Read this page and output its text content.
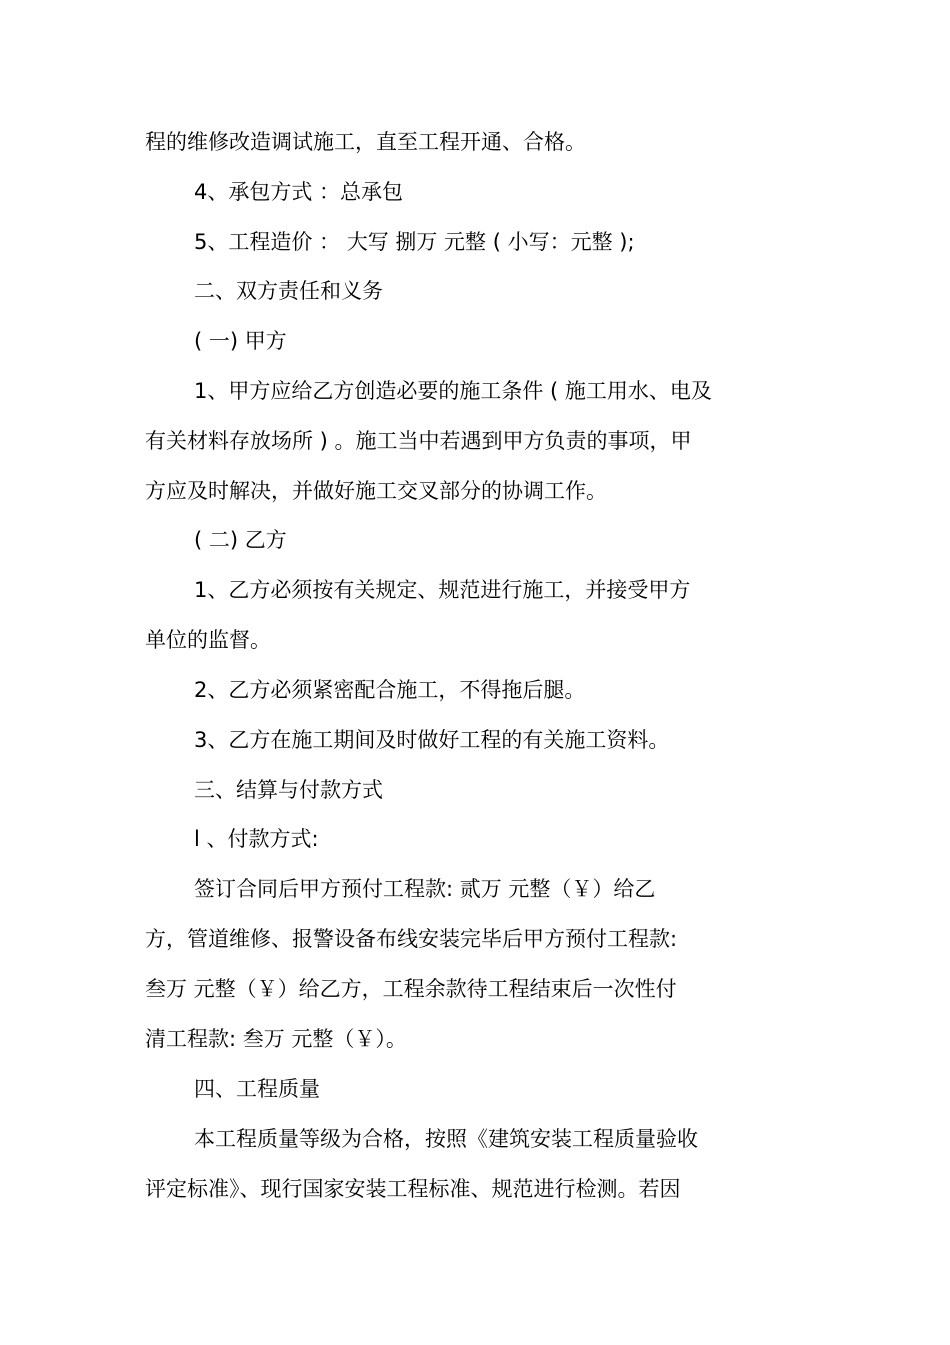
程的维修改造调试施工，直至工程开通、合格。
4、承包方式 ：总承包
5、工程造价 ： 大写 捌万 元整 ( 小写：元整 );
二、双方责任和义务
( 一) 甲方
1、甲方应给乙方创造必要的施工条件 ( 施工用水、电及
有关材料存放场所 ) 。施工当中若遇到甲方负责的事项，甲
方应及时解决，并做好施工交叉部分的协调工作。
( 二) 乙方
1、乙方必须按有关规定、规范进行施工，并接受甲方
单位的监督。
2、乙方必须紧密配合施工，不得拖后腿。
3、乙方在施工期间及时做好工程的有关施工资料。
三、结算与付款方式
l 、付款方式:
签订合同后甲方预付工程款: 贰万 元整（￥）给乙
方，管道维修、报警设备布线安装完毕后甲方预付工程款:
叁万 元整（￥）给乙方，工程余款待工程结束后一次性付
清工程款: 叁万 元整（￥）。
四、工程质量
本工程质量等级为合格，按照《建筑安装工程质量验收
评定标准》、现行国家安装工程标准、规范进行检测。若因
